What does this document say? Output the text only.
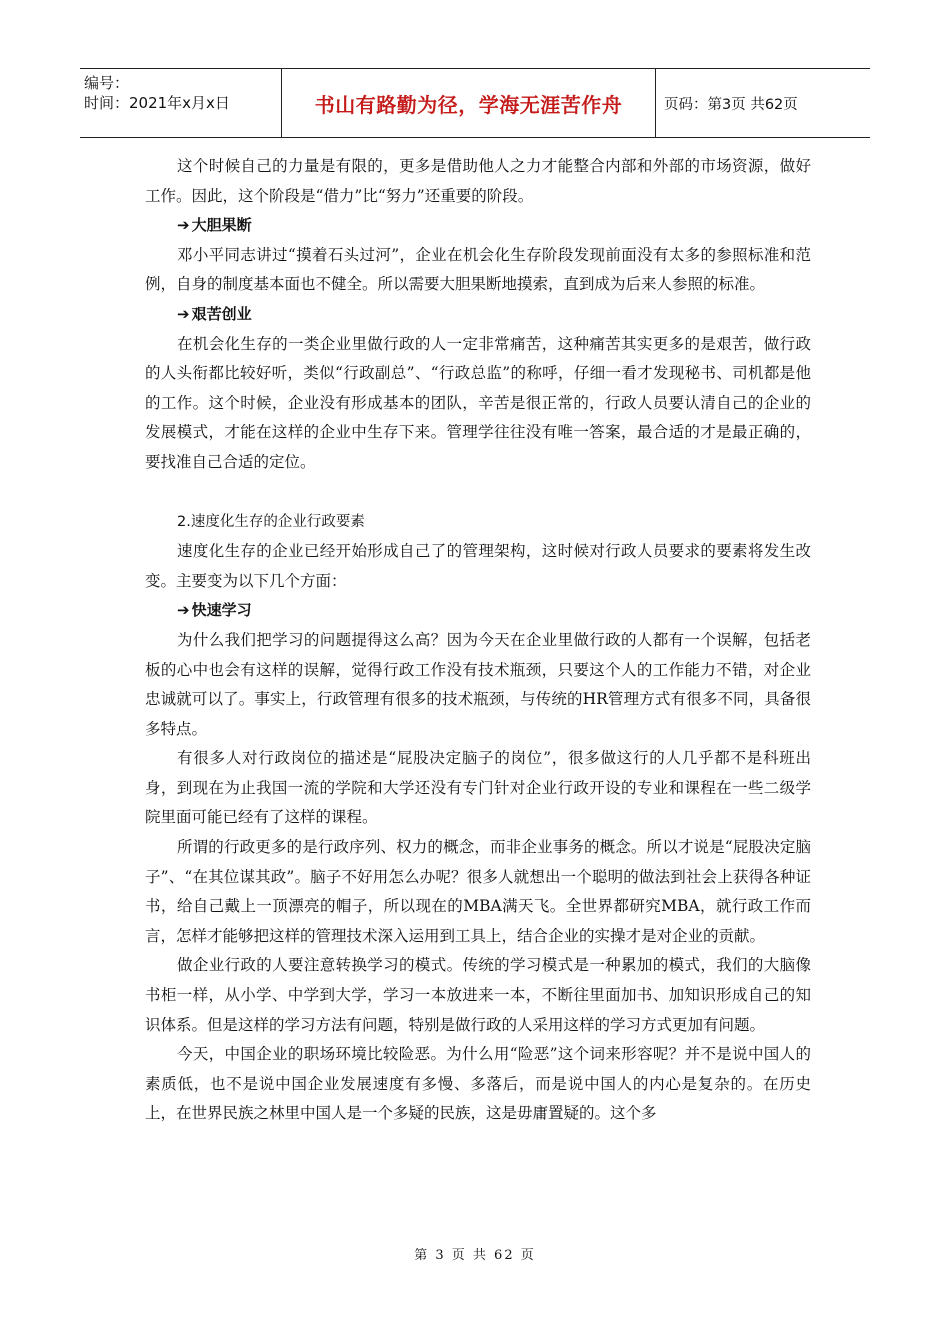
编号：
时间：2021年x月x日	书山有路勤为径，学海无涯苦作舟	页码：第3页 共62页

这个时候自己的力量是有限的，更多是借助他人之力才能整合内部和外部的市场资源，做好工作。因此，这个阶段是“借力”比“努力”还重要的阶段。

➔ 大胆果断

邓小平同志讲过“摸着石头过河”，企业在机会化生存阶段发现前面没有太多的参照标准和范例，自身的制度基本面也不健全。所以需要大胆果断地摸索，直到成为后来人参照的标准。

➔ 艰苦创业

在机会化生存的一类企业里做行政的人一定非常痛苦，这种痛苦其实更多的是艰苦，做行政的人头衔都比较好听，类似“行政副总”、“行政总监”的称呼，仔细一看才发现秘书、司机都是他的工作。这个时候，企业没有形成基本的团队，辛苦是很正常的，行政人员要认清自己的企业的发展模式，才能在这样的企业中生存下来。管理学往往没有唯一答案，最合适的才是最正确的，要找准自己合适的定位。

2.速度化生存的企业行政要素

速度化生存的企业已经开始形成自己了的管理架构，这时候对行政人员要求的要素将发生改变。主要变为以下几个方面：

➔ 快速学习

为什么我们把学习的问题提得这么高？因为今天在企业里做行政的人都有一个误解，包括老板的心中也会有这样的误解，觉得行政工作没有技术瓶颈，只要这个人的工作能力不错，对企业忠诚就可以了。事实上，行政管理有很多的技术瓶颈，与传统的HR管理方式有很多不同，具备很多特点。

有很多人对行政岗位的描述是“屁股决定脑子的岗位”，很多做这行的人几乎都不是科班出身，到现在为止我国一流的学院和大学还没有专门针对企业行政开设的专业和课程在一些二级学院里面可能已经有了这样的课程。

所谓的行政更多的是行政序列、权力的概念，而非企业事务的概念。所以才说是“屁股决定脑子”、“在其位谋其政”。脑子不好用怎么办呢？很多人就想出一个聪明的做法到社会上获得各种证书，给自己戴上一顶漂亮的帽子，所以现在的MBA满天飞。全世界都研究MBA，就行政工作而言，怎样才能够把这样的管理技术深入运用到工具上，结合企业的实操才是对企业的贡献。

做企业行政的人要注意转换学习的模式。传统的学习模式是一种累加的模式，我们的大脑像书柜一样，从小学、中学到大学，学习一本放进来一本，不断往里面加书、加知识形成自己的知识体系。但是这样的学习方法有问题，特别是做行政的人采用这样的学习方式更加有问题。

今天，中国企业的职场环境比较险恶。为什么用“险恶”这个词来形容呢？并不是说中国人的素质低，也不是说中国企业发展速度有多慢、多落后，而是说中国人的内心是复杂的。在历史上，在世界民族之林里中国人是一个多疑的民族，这是毋庸置疑的。这个多

第 3 页 共 62 页
